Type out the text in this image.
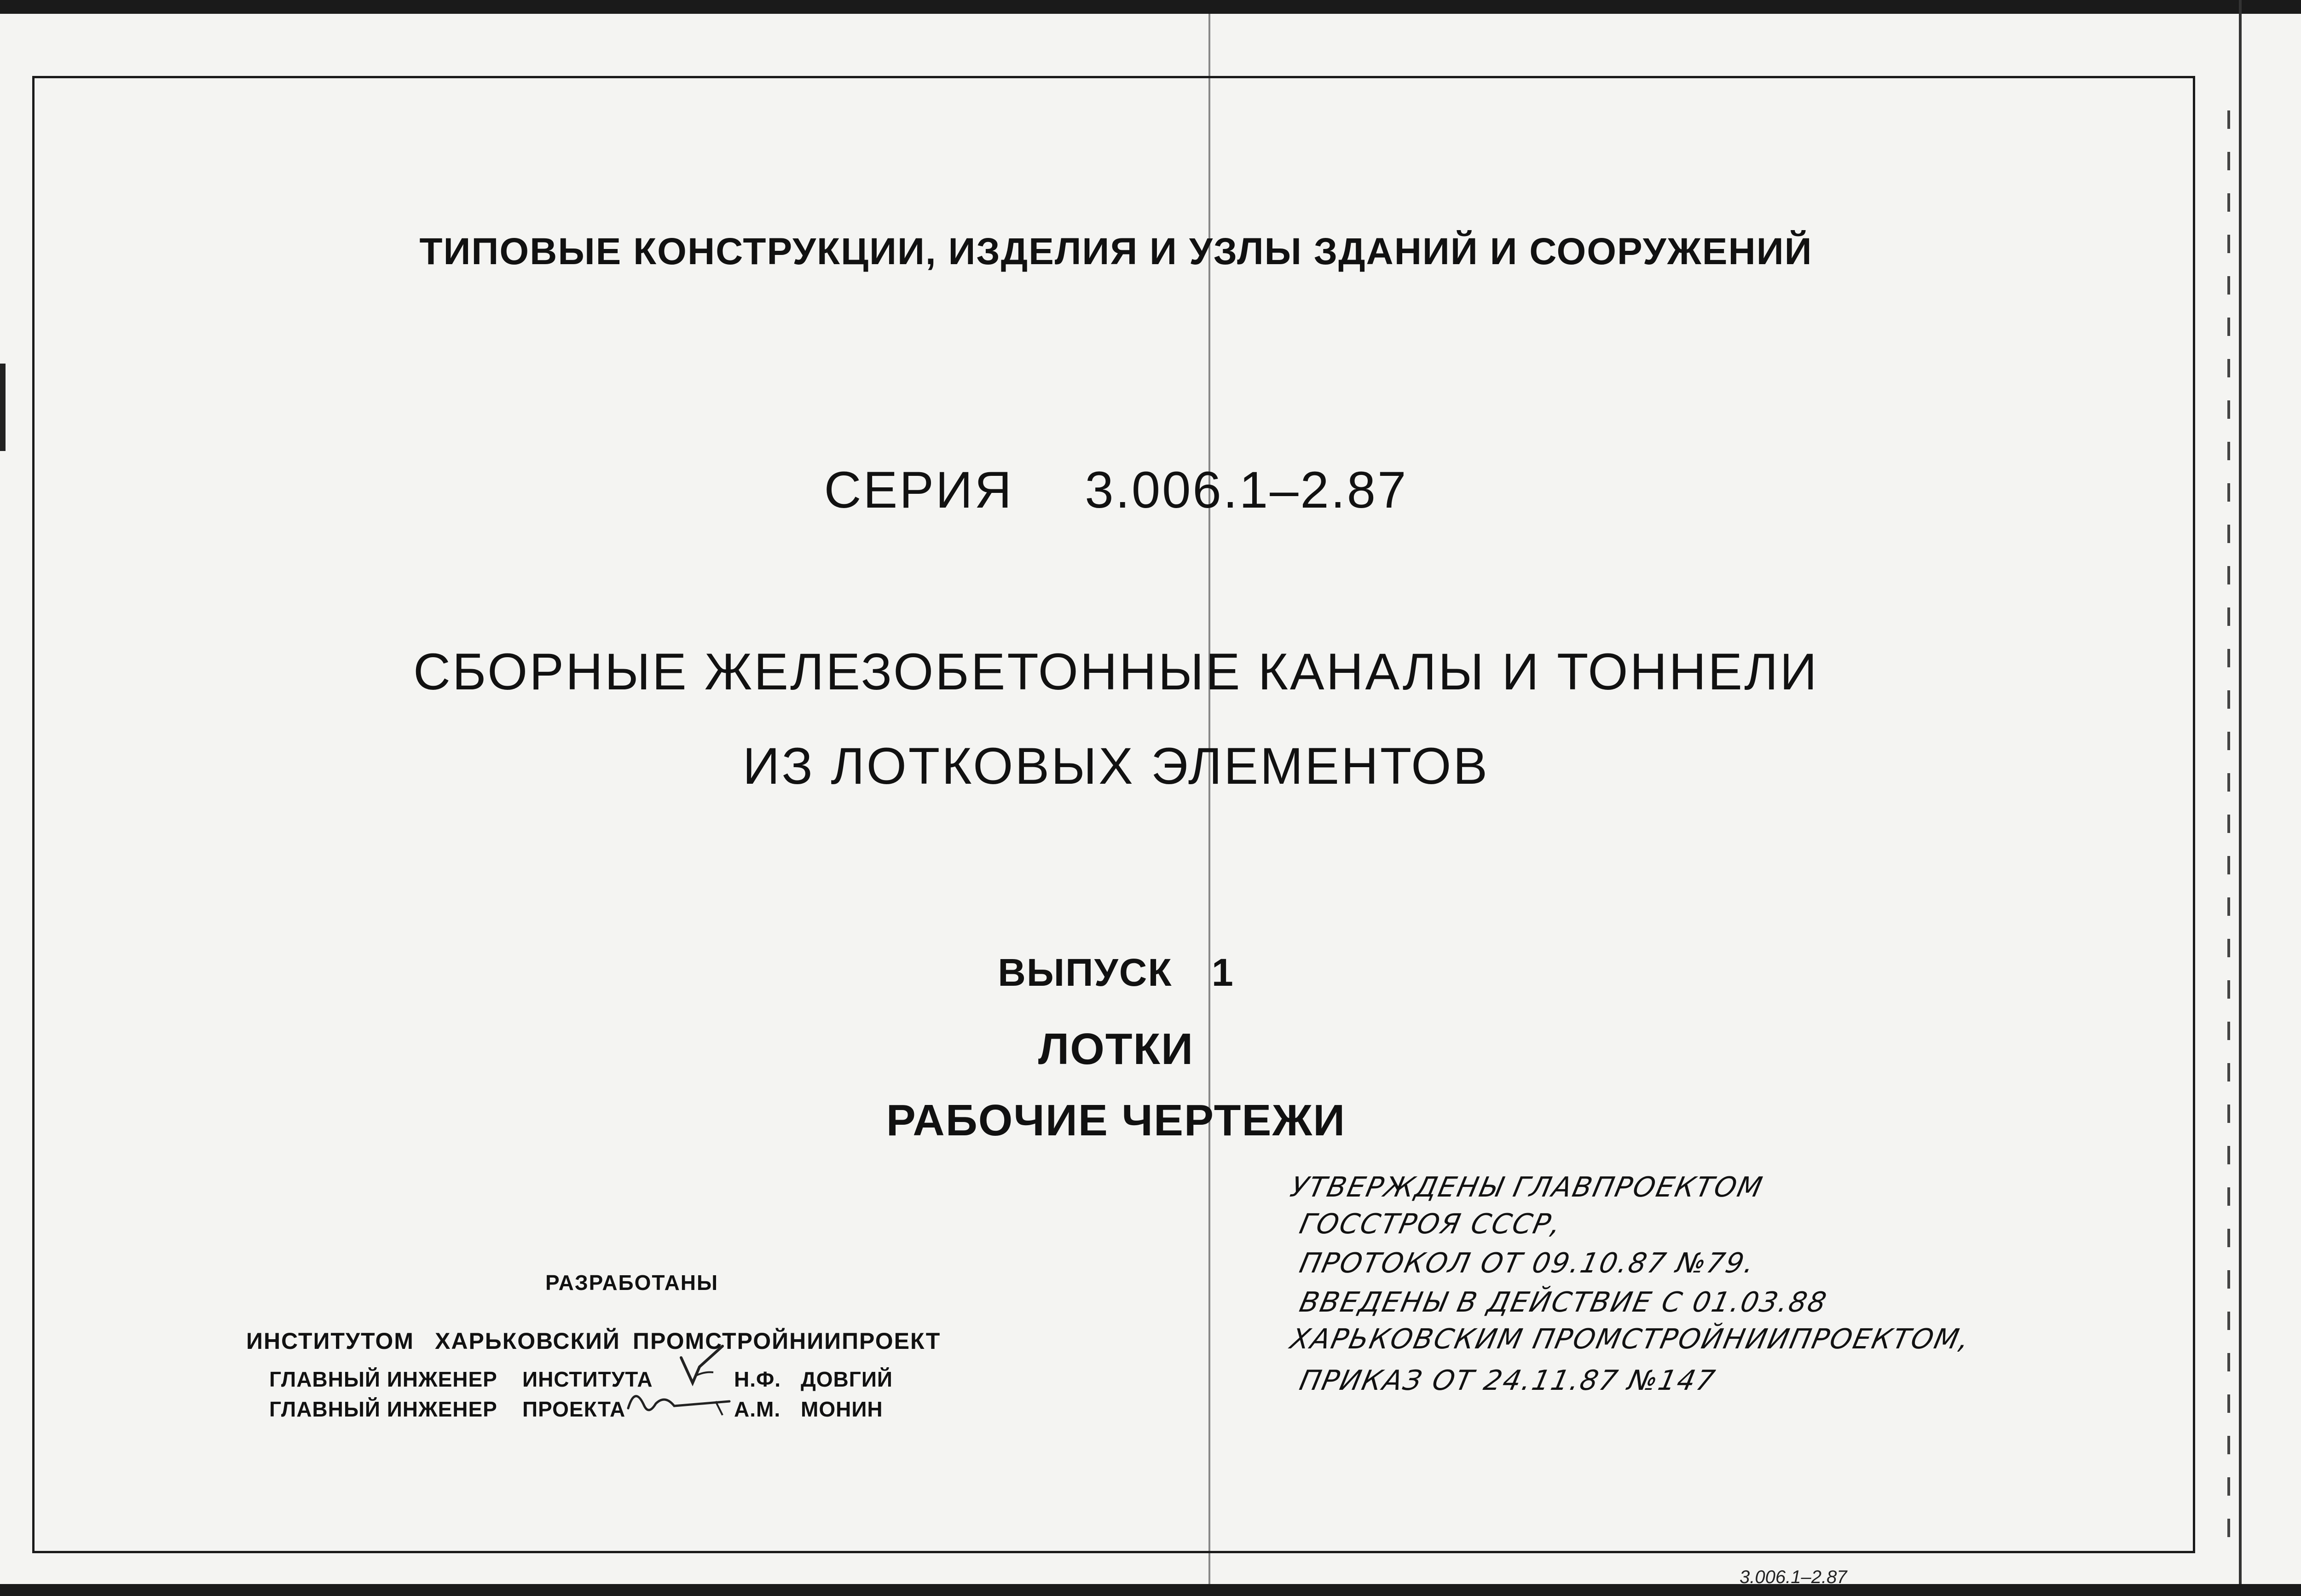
ТИПОВЫЕ КОНСТРУКЦИИ, ИЗДЕЛИЯ И УЗЛЫ ЗДАНИЙ И СООРУЖЕНИЙ
СЕРИЯ 3.006.1–2.87
СБОРНЫЕ ЖЕЛЕЗОБЕТОННЫЕ КАНАЛЫ И ТОННЕЛИ
ИЗ ЛОТКОВЫХ ЭЛЕМЕНТОВ
ВЫПУСК 1
ЛОТКИ
РАБОЧИЕ ЧЕРТЕЖИ
РАЗРАБОТАНЫ
ИНСТИТУТОМ ХАРЬКОВСКИЙ ПРОМСТРОЙНИИПРОЕКТ
ГЛАВНЫЙ ИНЖЕНЕР ИНСТИТУТА	Н.Ф. ДОВГИЙ
ГЛАВНЫЙ ИНЖЕНЕР ПРОЕКТА	А.М. МОНИН
УТВЕРЖДЕНЫ ГЛАВПРОЕКТОМ
ГОССТРОЯ СССР,
ПРОТОКОЛ ОТ 09.10.87 №79.
ВВЕДЕНЫ В ДЕЙСТВИЕ С 01.03.88
ХАРЬКОВСКИМ ПРОМСТРОЙНИИПРОЕКТОМ,
ПРИКАЗ ОТ 24.11.87 №147
3.006.1–2.87
